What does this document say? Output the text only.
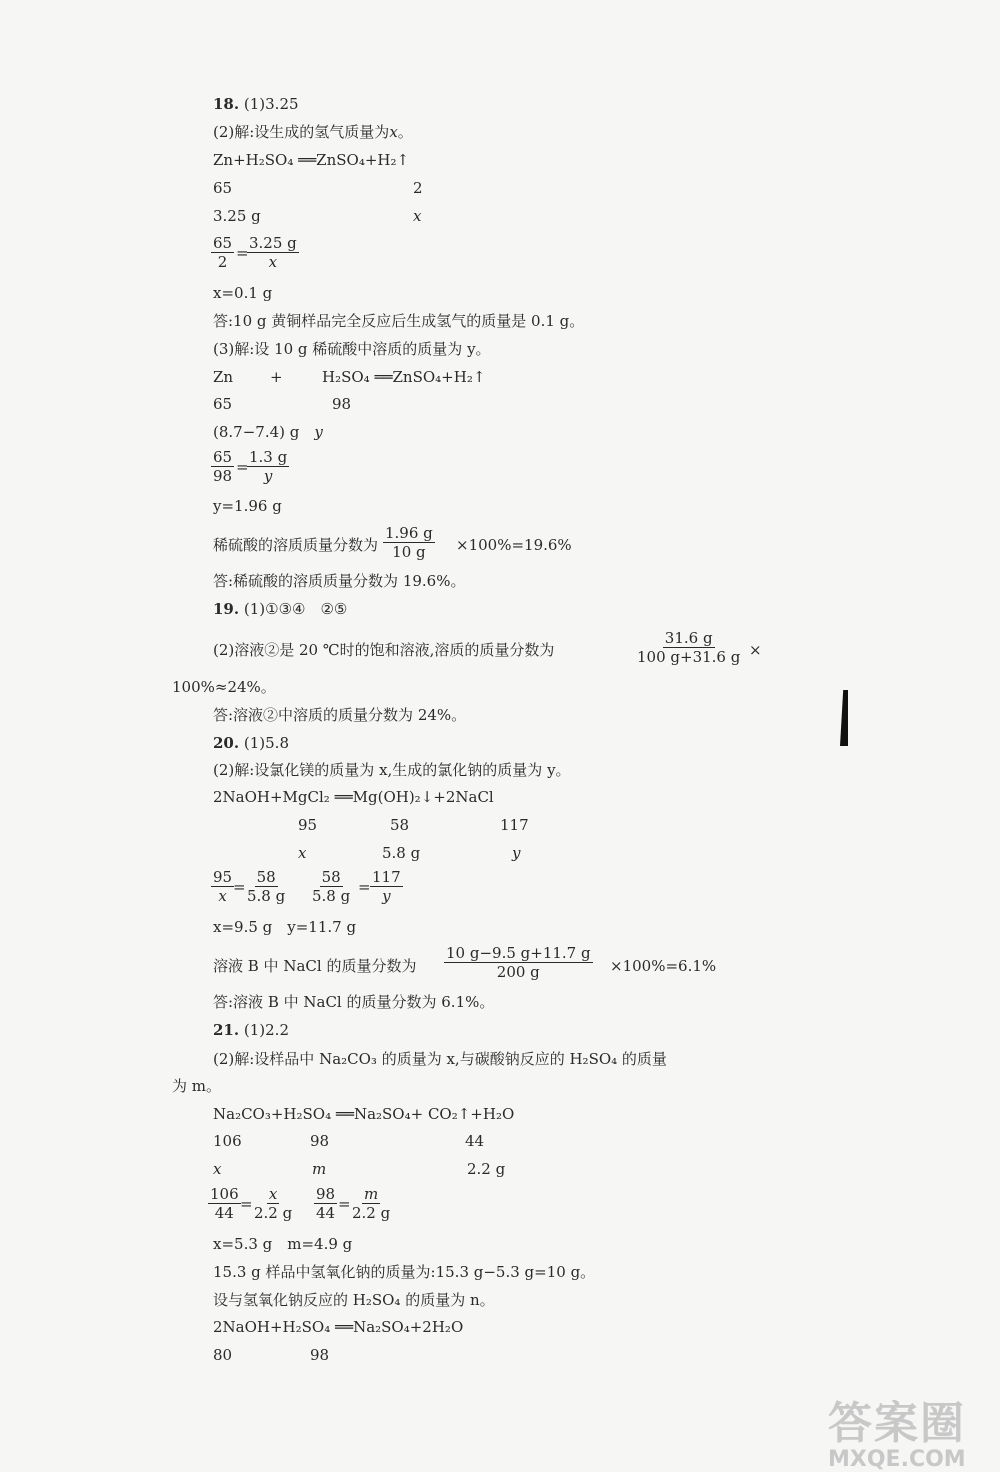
18. (1)3.25
(2)解:设生成的氢气质量为x。
Zn+H₂SO₄ ══ZnSO₄+H₂↑
65	2
3.25 g	x
$\frac{65}{2}$ =
$\frac{3.25 g}{x}$
x=0.1 g
答:10 g 黄铜样品完全反应后生成氢气的质量是 0.1 g。
(3)解:设 10 g 稀硫酸中溶质的质量为 y。
Zn +	H₂SO₄ ══ZnSO₄+H₂↑
65	98
(8.7−7.4) g　 y
$\frac{65}{98}$ =
$\frac{1.3 g}{y}$
y=1.96 g
稀硫酸的溶质质量分数为 $\frac{1.96 g}{10 g} \times 100\%=19.6\%$
答:稀硫酸的溶质质量分数为 19.6%。
19. (1)①③④　②⑤
(2)溶液②是 20 ℃时的饱和溶液,溶质的质量分数为	$\frac{31.6 g}{100 g+31.6 g}$ ×
100%≈24%。
答:溶液②中溶质的质量分数为 24%。
20. (1)5.8
(2)解:设氯化镁的质量为 x,生成的氯化钠的质量为 y。
2NaOH+MgCl₂ ══Mg(OH)₂↓+2NaCl
95	58	117
x	5.8 g	y
$\frac{95}{x}$
= $\frac{58}{5.8 g} \frac{58}{5.8 g} = \frac{117}{y}$
x=9.5 g　y=11.7 g
溶液 B 中 NaCl 的质量分数为 $\frac{10 g-9.5 g+11.7 g}{200 g} \times 100\%=6.1\%$
答:溶液 B 中 NaCl 的质量分数为 6.1%。
21. (1)2.2
(2)解:设样品中 Na₂CO₃ 的质量为 x,与碳酸钠反应的 H₂SO₄ 的质量
为 m。
Na₂CO₃+H₂SO₄ ══Na₂SO₄+ CO₂↑+H₂O
106	98	44
x	m	2.2 g
$\frac{106}{44} = \frac{x}{2.2 g} \frac{98}{44} = \frac{m}{2.2 g}$
x=5.3 g　m=4.9 g
15.3 g 样品中氢氧化钠的质量为:15.3 g−5.3 g=10 g。
设与氢氧化钠反应的 H₂SO₄ 的质量为 n。
2NaOH+H₂SO₄ ══Na₂SO₄+2H₂O
80	98
答案圈
MXQE.COM
